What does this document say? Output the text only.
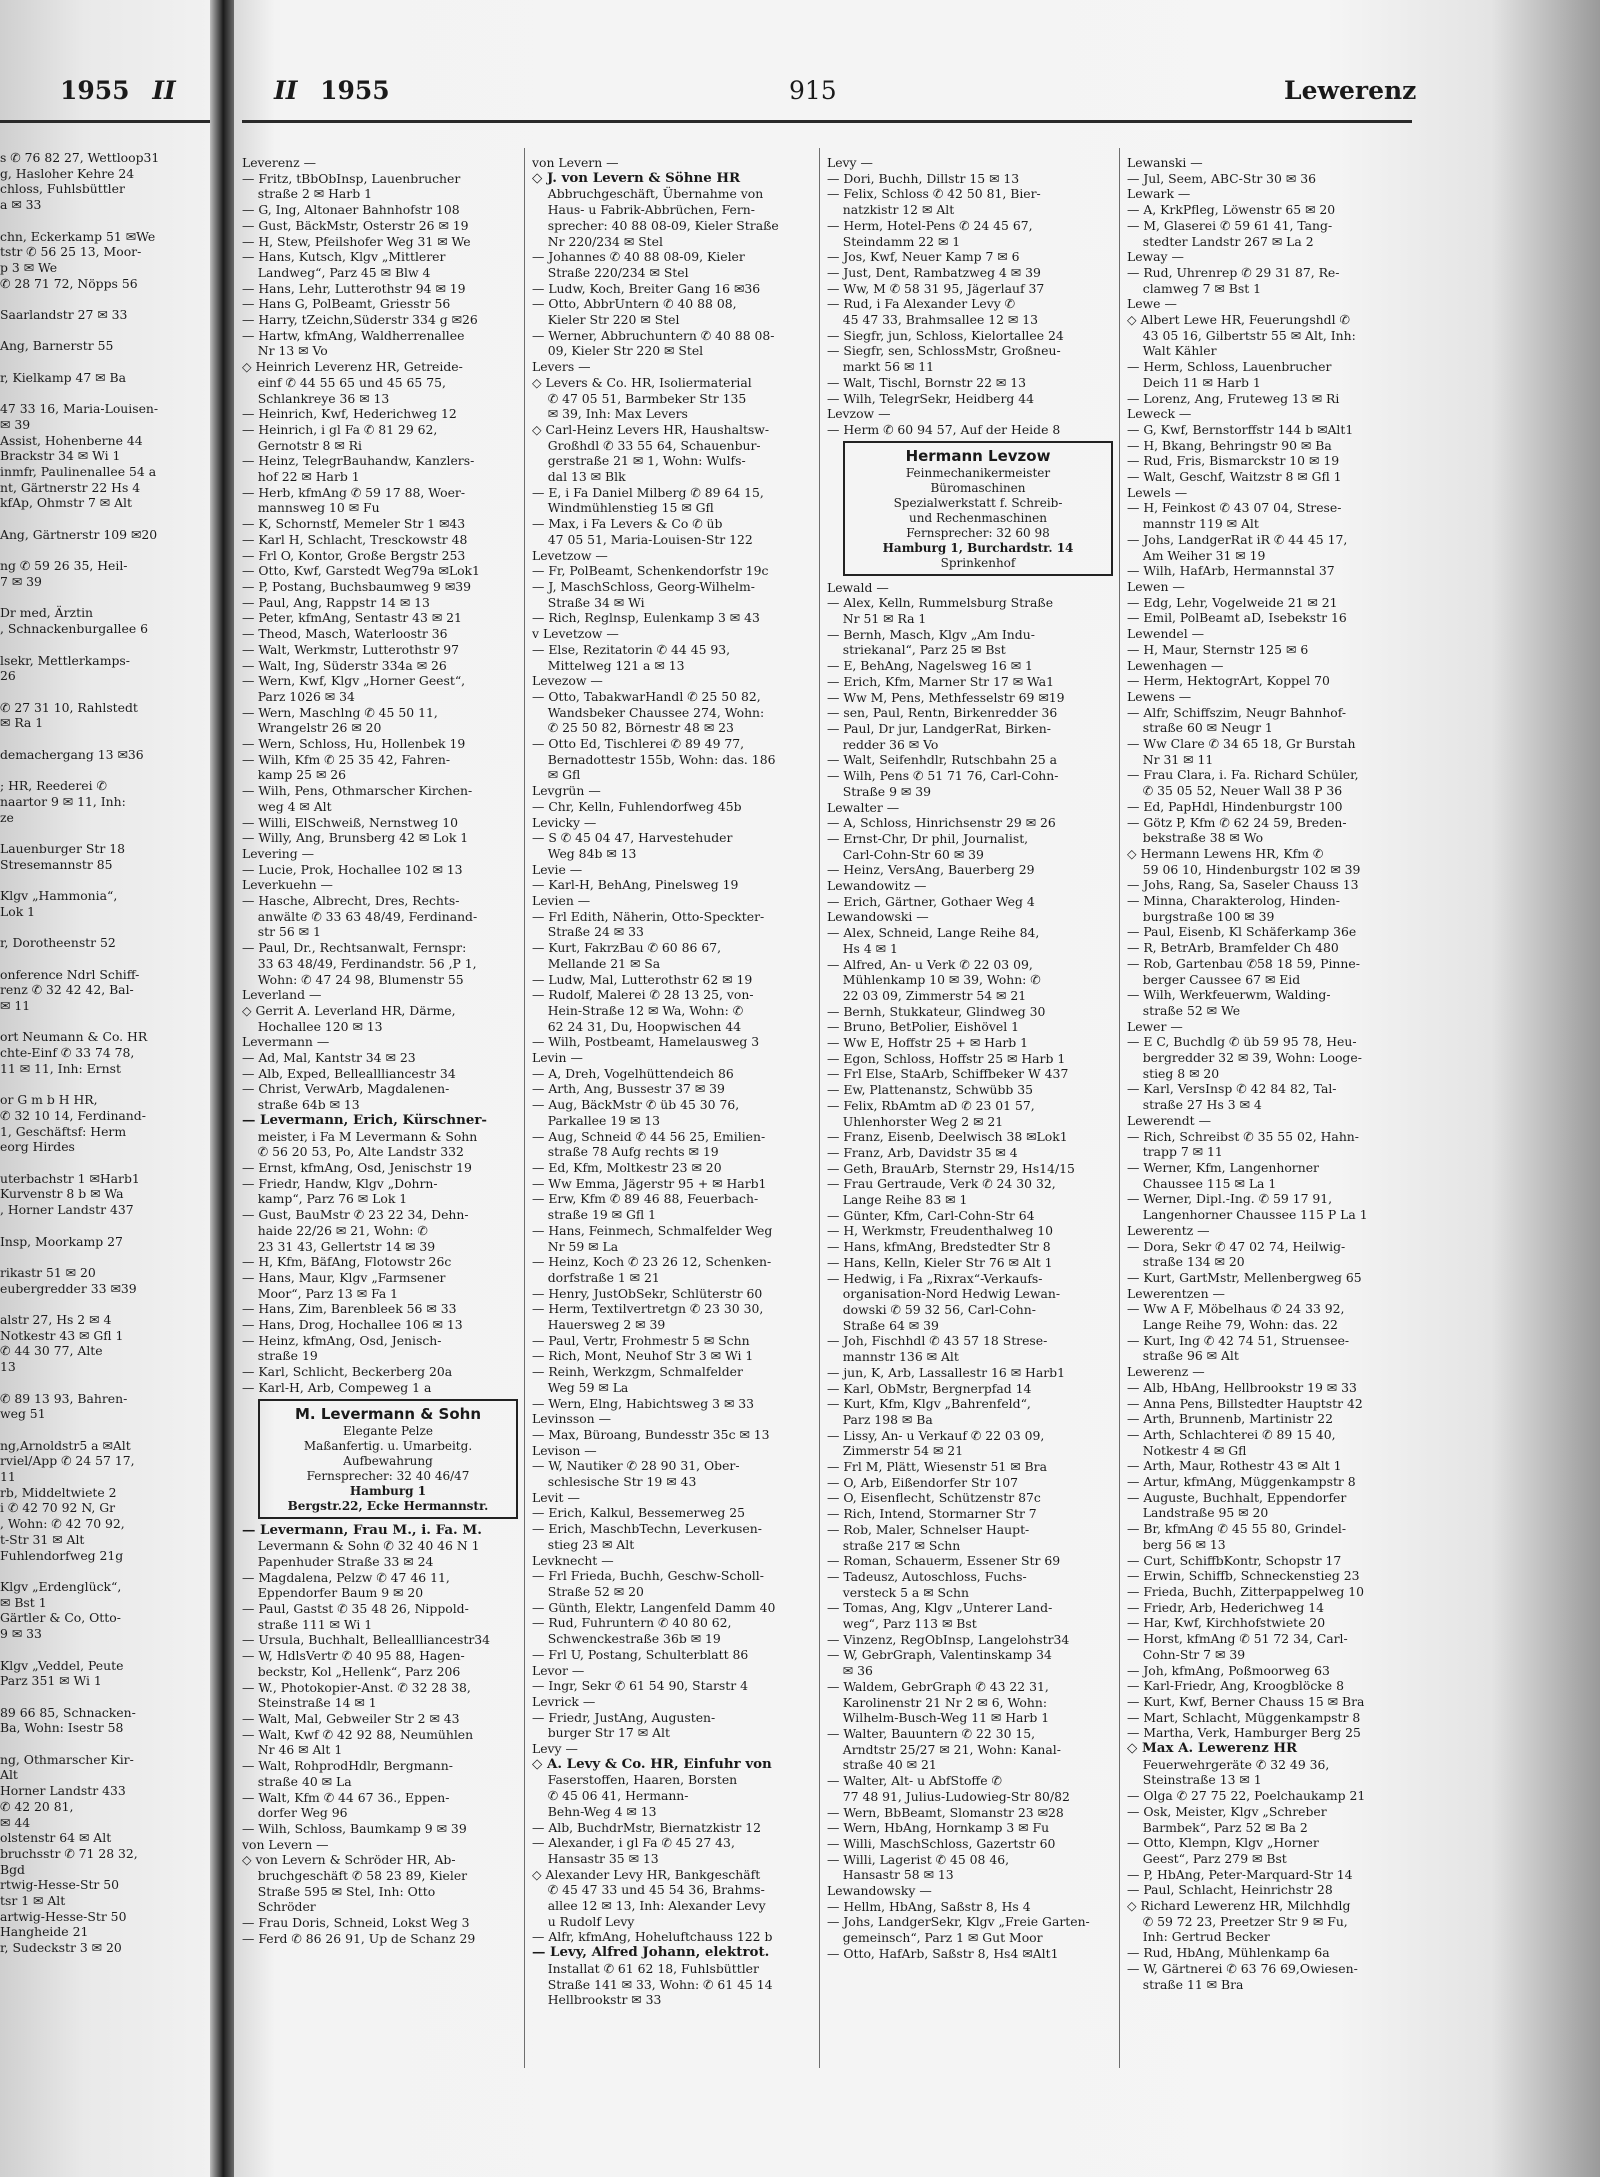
1955 II
s ✆ 76 82 27, Wettloop31
g, Hasloher Kehre 24
chloss, Fuhlsbüttler
a ✉ 33

chn, Eckerkamp 51 ✉We
tstr ✆ 56 25 13, Moor-
p 3 ✉ We
✆ 28 71 72, Nöpps 56

Saarlandstr 27 ✉ 33

Ang, Barnerstr 55

r, Kielkamp 47 ✉ Ba

47 33 16, Maria-Louisen-
✉ 39
Assist, Hohenberne 44
Brackstr 34 ✉ Wi 1
inmfr, Paulinenallee 54 a
nt, Gärtnerstr 22 Hs 4
kfAp, Ohmstr 7 ✉ Alt

Ang, Gärtnerstr 109 ✉20

ng ✆ 59 26 35, Heil-
7 ✉ 39

Dr med, Ärztin
, Schnackenburgallee 6

lsekr, Mettlerkamps-
26

✆ 27 31 10, Rahlstedt
✉ Ra 1

demachergang 13 ✉36

; HR, Reederei ✆
naartor 9 ✉ 11, Inh:
ze

Lauenburger Str 18
Stresemannstr 85

Klgv „Hammonia“,
Lok 1

r, Dorotheenstr 52

onference Ndrl Schiff-
renz ✆ 32 42 42, Bal-
✉ 11

ort Neumann & Co. HR
chte-Einf ✆ 33 74 78,
11 ✉ 11, Inh: Ernst

or G m b H HR,
✆ 32 10 14, Ferdinand-
1, Geschäftsf: Herm
eorg Hirdes

uterbachstr 1 ✉Harb1
Kurvenstr 8 b ✉ Wa
, Horner Landstr 437

Insp, Moorkamp 27

rikastr 51 ✉ 20
eubergredder 33 ✉39

alstr 27, Hs 2 ✉ 4
Notkestr 43 ✉ Gfl 1
✆ 44 30 77, Alte
13

✆ 89 13 93, Bahren-
weg 51

ng,Arnoldstr5 a ✉Alt
rviel/App ✆ 24 57 17,
11
rb, Middeltwiete 2
i ✆ 42 70 92 N, Gr
, Wohn: ✆ 42 70 92,
t-Str 31 ✉ Alt
Fuhlendorfweg 21g

Klgv „Erdenglück“,
✉ Bst 1
Gärtler & Co, Otto-
9 ✉ 33

Klgv „Veddel, Peute
Parz 351 ✉ Wi 1

89 66 85, Schnacken-
Ba, Wohn: Isestr 58

ng, Othmarscher Kir-
Alt
Horner Landstr 433
✆ 42 20 81,
✉ 44
olstenstr 64 ✉ Alt
bruchsstr ✆ 71 28 32,
Bgd
rtwig-Hesse-Str 50
tsr 1 ✉ Alt
artwig-Hesse-Str 50
Hangheide 21
r, Sudeckstr 3 ✉ 20
II 1955	915	Lewerenz
Leverenz —
— Fritz, tBbObInsp, Lauenbrucher
straße 2 ✉ Harb 1
— G, Ing, Altonaer Bahnhofstr 108
— Gust, BäckMstr, Osterstr 26 ✉ 19
— H, Stew, Pfeilshofer Weg 31 ✉ We
— Hans, Kutsch, Klgv „Mittlerer
Landweg“, Parz 45 ✉ Blw 4
— Hans, Lehr, Lutterothstr 94 ✉ 19
— Hans G, PolBeamt, Griesstr 56
— Harry, tZeichn,Süderstr 334 g ✉26
— Hartw, kfmAng, Waldherrenallee
Nr 13 ✉ Vo
◇ Heinrich Leverenz HR, Getreide-
einf ✆ 44 55 65 und 45 65 75,
Schlankreye 36 ✉ 13
— Heinrich, Kwf, Hederichweg 12
— Heinrich, i gl Fa ✆ 81 29 62,
Gernotstr 8 ✉ Ri
— Heinz, TelegrBauhandw, Kanzlers-
hof 22 ✉ Harb 1
— Herb, kfmAng ✆ 59 17 88, Woer-
mannsweg 10 ✉ Fu
— K, Schornstf, Memeler Str 1 ✉43
— Karl H, Schlacht, Tresckowstr 48
— Frl O, Kontor, Große Bergstr 253
— Otto, Kwf, Garstedt Weg79a ✉Lok1
— P, Postang, Buchsbaumweg 9 ✉39
— Paul, Ang, Rappstr 14 ✉ 13
— Peter, kfmAng, Sentastr 43 ✉ 21
— Theod, Masch, Waterloostr 36
— Walt, Werkmstr, Lutterothstr 97
— Walt, Ing, Süderstr 334a ✉ 26
— Wern, Kwf, Klgv „Horner Geest“,
Parz 1026 ✉ 34
— Wern, Maschlng ✆ 45 50 11,
Wrangelstr 26 ✉ 20
— Wern, Schloss, Hu, Hollenbek 19
— Wilh, Kfm ✆ 25 35 42, Fahren-
kamp 25 ✉ 26
— Wilh, Pens, Othmarscher Kirchen-
weg 4 ✉ Alt
— Willi, ElSchweiß, Nernstweg 10
— Willy, Ang, Brunsberg 42 ✉ Lok 1
Levering —
— Lucie, Prok, Hochallee 102 ✉ 13
Leverkuehn —
— Hasche, Albrecht, Dres, Rechts-
anwälte ✆ 33 63 48/49, Ferdinand-
str 56 ✉ 1
— Paul, Dr., Rechtsanwalt, Fernspr:
33 63 48/49, Ferdinandstr. 56 ,P 1,
Wohn: ✆ 47 24 98, Blumenstr 55
Leverland —
◇ Gerrit A. Leverland HR, Därme,
Hochallee 120 ✉ 13
Levermann —
— Ad, Mal, Kantstr 34 ✉ 23
— Alb, Exped, Belleallliancestr 34
— Christ, VerwArb, Magdalenen-
straße 64b ✉ 13
— Levermann, Erich, Kürschner-
meister, i Fa M Levermann & Sohn
✆ 56 20 53, Po, Alte Landstr 332
— Ernst, kfmAng, Osd, Jenischstr 19
— Friedr, Handw, Klgv „Dohrn-
kamp“, Parz 76 ✉ Lok 1
— Gust, BauMstr ✆ 23 22 34, Dehn-
haide 22/26 ✉ 21, Wohn: ✆
23 31 43, Gellertstr 14 ✉ 39
— H, Kfm, BäfAng, Flotowstr 26c
— Hans, Maur, Klgv „Farmsener
Moor“, Parz 13 ✉ Fa 1
— Hans, Zim, Barenbleek 56 ✉ 33
— Hans, Drog, Hochallee 106 ✉ 13
— Heinz, kfmAng, Osd, Jenisch-
straße 19
— Karl, Schlicht, Beckerberg 20a
— Karl-H, Arb, Compeweg 1 a
M. Levermann & Sohn
Elegante Pelze
Maßanfertig. u. Umarbeitg.
Aufbewahrung
Fernsprecher: 32 40 46/47
Hamburg 1
Bergstr.22, Ecke Hermannstr.
— Levermann, Frau M., i. Fa. M.
Levermann & Sohn ✆ 32 40 46 N 1
Papenhuder Straße 33 ✉ 24
— Magdalena, Pelzw ✆ 47 46 11,
Eppendorfer Baum 9 ✉ 20
— Paul, Gastst ✆ 35 48 26, Nippold-
straße 111 ✉ Wi 1
— Ursula, Buchhalt, Belleallliancestr34
— W, HdlsVertr ✆ 40 95 88, Hagen-
beckstr, Kol „Hellenk“, Parz 206
— W., Photokopier-Anst. ✆ 32 28 38,
Steinstraße 14 ✉ 1
— Walt, Mal, Gebweiler Str 2 ✉ 43
— Walt, Kwf ✆ 42 92 88, Neumühlen
Nr 46 ✉ Alt 1
— Walt, RohprodHdlr, Bergmann-
straße 40 ✉ La
— Walt, Kfm ✆ 44 67 36., Eppen-
dorfer Weg 96
— Wilh, Schloss, Baumkamp 9 ✉ 39
von Levern —
◇ von Levern & Schröder HR, Ab-
bruchgeschäft ✆ 58 23 89, Kieler
Straße 595 ✉ Stel, Inh: Otto
Schröder
— Frau Doris, Schneid, Lokst Weg 3
— Ferd ✆ 86 26 91, Up de Schanz 29
von Levern —
◇ J. von Levern & Söhne HR
Abbruchgeschäft, Übernahme von
Haus- u Fabrik-Abbrüchen, Fern-
sprecher: 40 88 08-09, Kieler Straße
Nr 220/234 ✉ Stel
— Johannes ✆ 40 88 08-09, Kieler
Straße 220/234 ✉ Stel
— Ludw, Koch, Breiter Gang 16 ✉36
— Otto, AbbrUntern ✆ 40 88 08,
Kieler Str 220 ✉ Stel
— Werner, Abbruchuntern ✆ 40 88 08-
09, Kieler Str 220 ✉ Stel
Levers —
◇ Levers & Co. HR, Isoliermaterial
✆ 47 05 51, Barmbeker Str 135
✉ 39, Inh: Max Levers
◇ Carl-Heinz Levers HR, Haushaltsw-
Großhdl ✆ 33 55 64, Schauenbur-
gerstraße 21 ✉ 1, Wohn: Wulfs-
dal 13 ✉ Blk
— E, i Fa Daniel Milberg ✆ 89 64 15,
Windmühlenstieg 15 ✉ Gfl
— Max, i Fa Levers & Co ✆ üb
47 05 51, Maria-Louisen-Str 122
Levetzow —
— Fr, PolBeamt, Schenkendorfstr 19c
— J, MaschSchloss, Georg-Wilhelm-
Straße 34 ✉ Wi
— Rich, Reglnsp, Eulenkamp 3 ✉ 43
v Levetzow —
— Else, Rezitatorin ✆ 44 45 93,
Mittelweg 121 a ✉ 13
Levezow —
— Otto, TabakwarHandl ✆ 25 50 82,
Wandsbeker Chaussee 274, Wohn:
✆ 25 50 82, Börnestr 48 ✉ 23
— Otto Ed, Tischlerei ✆ 89 49 77,
Bernadottestr 155b, Wohn: das. 186
✉ Gfl
Levgrün —
— Chr, Kelln, Fuhlendorfweg 45b
Levicky —
— S ✆ 45 04 47, Harvestehuder
Weg 84b ✉ 13
Levie —
— Karl-H, BehAng, Pinelsweg 19
Levien —
— Frl Edith, Näherin, Otto-Speckter-
Straße 24 ✉ 33
— Kurt, FakrzBau ✆ 60 86 67,
Mellande 21 ✉ Sa
— Ludw, Mal, Lutterothstr 62 ✉ 19
— Rudolf, Malerei ✆ 28 13 25, von-
Hein-Straße 12 ✉ Wa, Wohn: ✆
62 24 31, Du, Hoopwischen 44
— Wilh, Postbeamt, Hamelausweg 3
Levin —
— A, Dreh, Vogelhüttendeich 86
— Arth, Ang, Bussestr 37 ✉ 39
— Aug, BäckMstr ✆ üb 45 30 76,
Parkallee 19 ✉ 13
— Aug, Schneid ✆ 44 56 25, Emilien-
straße 78 Aufg rechts ✉ 19
— Ed, Kfm, Moltkestr 23 ✉ 20
— Ww Emma, Jägerstr 95 + ✉ Harb1
— Erw, Kfm ✆ 89 46 88, Feuerbach-
straße 19 ✉ Gfl 1
— Hans, Feinmech, Schmalfelder Weg
Nr 59 ✉ La
— Heinz, Koch ✆ 23 26 12, Schenken-
dorfstraße 1 ✉ 21
— Henry, JustObSekr, Schlüterstr 60
— Herm, Textilvertretgn ✆ 23 30 30,
Hauersweg 2 ✉ 39
— Paul, Vertr, Frohmestr 5 ✉ Schn
— Rich, Mont, Neuhof Str 3 ✉ Wi 1
— Reinh, Werkzgm, Schmalfelder
Weg 59 ✉ La
— Wern, Elng, Habichtsweg 3 ✉ 33
Levinsson —
— Max, Büroang, Bundesstr 35c ✉ 13
Levison —
— W, Nautiker ✆ 28 90 31, Ober-
schlesische Str 19 ✉ 43
Levit —
— Erich, Kalkul, Bessemerweg 25
— Erich, MaschbTechn, Leverkusen-
stieg 23 ✉ Alt
Levknecht —
— Frl Frieda, Buchh, Geschw-Scholl-
Straße 52 ✉ 20
— Günth, Elektr, Langenfeld Damm 40
— Rud, Fuhruntern ✆ 40 80 62,
Schwenckestraße 36b ✉ 19
— Frl U, Postang, Schulterblatt 86
Levor —
— Ingr, Sekr ✆ 61 54 90, Starstr 4
Levrick —
— Friedr, JustAng, Augusten-
burger Str 17 ✉ Alt
Levy —
◇ A. Levy & Co. HR, Einfuhr von
Faserstoffen, Haaren, Borsten
✆ 45 06 41, Hermann-
Behn-Weg 4 ✉ 13
— Alb, BuchdrMstr, Biernatzkistr 12
— Alexander, i gl Fa ✆ 45 27 43,
Hansastr 35 ✉ 13
◇ Alexander Levy HR, Bankgeschäft
✆ 45 47 33 und 45 54 36, Brahms-
allee 12 ✉ 13, Inh: Alexander Levy
u Rudolf Levy
— Alfr, kfmAng, Hoheluftchauss 122 b
— Levy, Alfred Johann, elektrot.
Installat ✆ 61 62 18, Fuhlsbüttler
Straße 141 ✉ 33, Wohn: ✆ 61 45 14
Hellbrookstr ✉ 33
Levy —
— Dori, Buchh, Dillstr 15 ✉ 13
— Felix, Schloss ✆ 42 50 81, Bier-
natzkistr 12 ✉ Alt
— Herm, Hotel-Pens ✆ 24 45 67,
Steindamm 22 ✉ 1
— Jos, Kwf, Neuer Kamp 7 ✉ 6
— Just, Dent, Rambatzweg 4 ✉ 39
— Ww, M ✆ 58 31 95, Jägerlauf 37
— Rud, i Fa Alexander Levy ✆
45 47 33, Brahmsallee 12 ✉ 13
— Siegfr, jun, Schloss, Kielortallee 24
— Siegfr, sen, SchlossMstr, Großneu-
markt 56 ✉ 11
— Walt, Tischl, Bornstr 22 ✉ 13
— Wilh, TelegrSekr, Heidberg 44
Levzow —
— Herm ✆ 60 94 57, Auf der Heide 8
Hermann Levzow
Feinmechanikermeister
Büromaschinen
Spezialwerkstatt f. Schreib-
und Rechenmaschinen
Fernsprecher: 32 60 98
Hamburg 1, Burchardstr. 14
Sprinkenhof
Lewald —
— Alex, Kelln, Rummelsburg Straße
Nr 51 ✉ Ra 1
— Bernh, Masch, Klgv „Am Indu-
striekanal“, Parz 25 ✉ Bst
— E, BehAng, Nagelsweg 16 ✉ 1
— Erich, Kfm, Marner Str 17 ✉ Wa1
— Ww M, Pens, Methfesselstr 69 ✉19
— sen, Paul, Rentn, Birkenredder 36
— Paul, Dr jur, LandgerRat, Birken-
redder 36 ✉ Vo
— Walt, Seifenhdlr, Rutschbahn 25 a
— Wilh, Pens ✆ 51 71 76, Carl-Cohn-
Straße 9 ✉ 39
Lewalter —
— A, Schloss, Hinrichsenstr 29 ✉ 26
— Ernst-Chr, Dr phil, Journalist,
Carl-Cohn-Str 60 ✉ 39
— Heinz, VersAng, Bauerberg 29
Lewandowitz —
— Erich, Gärtner, Gothaer Weg 4
Lewandowski —
— Alex, Schneid, Lange Reihe 84,
Hs 4 ✉ 1
— Alfred, An- u Verk ✆ 22 03 09,
Mühlenkamp 10 ✉ 39, Wohn: ✆
22 03 09, Zimmerstr 54 ✉ 21
— Bernh, Stukkateur, Glindweg 30
— Bruno, BetPolier, Eishövel 1
— Ww E, Hoffstr 25 + ✉ Harb 1
— Egon, Schloss, Hoffstr 25 ✉ Harb 1
— Frl Else, StaArb, Schiffbeker W 437
— Ew, Plattenanstz, Schwübb 35
— Felix, RbAmtm aD ✆ 23 01 57,
Uhlenhorster Weg 2 ✉ 21
— Franz, Eisenb, Deelwisch 38 ✉Lok1
— Franz, Arb, Davidstr 35 ✉ 4
— Geth, BrauArb, Sternstr 29, Hs14/15
— Frau Gertraude, Verk ✆ 24 30 32,
Lange Reihe 83 ✉ 1
— Günter, Kfm, Carl-Cohn-Str 64
— H, Werkmstr, Freudenthalweg 10
— Hans, kfmAng, Bredstedter Str 8
— Hans, Kelln, Kieler Str 76 ✉ Alt 1
— Hedwig, i Fa „Rixrax“-Verkaufs-
organisation-Nord Hedwig Lewan-
dowski ✆ 59 32 56, Carl-Cohn-
Straße 64 ✉ 39
— Joh, Fischhdl ✆ 43 57 18 Strese-
mannstr 136 ✉ Alt
— jun, K, Arb, Lassallestr 16 ✉ Harb1
— Karl, ObMstr, Bergnerpfad 14
— Kurt, Kfm, Klgv „Bahrenfeld“,
Parz 198 ✉ Ba
— Lissy, An- u Verkauf ✆ 22 03 09,
Zimmerstr 54 ✉ 21
— Frl M, Plätt, Wiesenstr 51 ✉ Bra
— O, Arb, Eißendorfer Str 107
— O, Eisenflecht, Schützenstr 87c
— Rich, Intend, Stormarner Str 7
— Rob, Maler, Schnelser Haupt-
straße 217 ✉ Schn
— Roman, Schauerm, Essener Str 69
— Tadeusz, Autoschloss, Fuchs-
versteck 5 a ✉ Schn
— Tomas, Ang, Klgv „Unterer Land-
weg“, Parz 113 ✉ Bst
— Vinzenz, RegObInsp, Langelohstr34
— W, GebrGraph, Valentinskamp 34
✉ 36
— Waldem, GebrGraph ✆ 43 22 31,
Karolinenstr 21 Nr 2 ✉ 6, Wohn:
Wilhelm-Busch-Weg 11 ✉ Harb 1
— Walter, Bauuntern ✆ 22 30 15,
Arndtstr 25/27 ✉ 21, Wohn: Kanal-
straße 40 ✉ 21
— Walter, Alt- u AbfStoffe ✆
77 48 91, Julius-Ludowieg-Str 80/82
— Wern, BbBeamt, Slomanstr 23 ✉28
— Wern, HbAng, Hornkamp 3 ✉ Fu
— Willi, MaschSchloss, Gazertstr 60
— Willi, Lagerist ✆ 45 08 46,
Hansastr 58 ✉ 13
Lewandowsky —
— Hellm, HbAng, Saßstr 8, Hs 4
— Johs, LandgerSekr, Klgv „Freie Garten-
gemeinsch“, Parz 1 ✉ Gut Moor
— Otto, HafArb, Saßstr 8, Hs4 ✉Alt1
Lewanski —
— Jul, Seem, ABC-Str 30 ✉ 36
Lewark —
— A, KrkPfleg, Löwenstr 65 ✉ 20
— M, Glaserei ✆ 59 61 41, Tang-
stedter Landstr 267 ✉ La 2
Leway —
— Rud, Uhrenrep ✆ 29 31 87, Re-
clamweg 7 ✉ Bst 1
Lewe —
◇ Albert Lewe HR, Feuerungshdl ✆
43 05 16, Gilbertstr 55 ✉ Alt, Inh:
Walt Kähler
— Herm, Schloss, Lauenbrucher
Deich 11 ✉ Harb 1
— Lorenz, Ang, Fruteweg 13 ✉ Ri
Leweck —
— G, Kwf, Bernstorffstr 144 b ✉Alt1
— H, Bkang, Behringstr 90 ✉ Ba
— Rud, Fris, Bismarckstr 10 ✉ 19
— Walt, Geschf, Waitzstr 8 ✉ Gfl 1
Lewels —
— H, Feinkost ✆ 43 07 04, Strese-
mannstr 119 ✉ Alt
— Johs, LandgerRat iR ✆ 44 45 17,
Am Weiher 31 ✉ 19
— Wilh, HafArb, Hermannstal 37
Lewen —
— Edg, Lehr, Vogelweide 21 ✉ 21
— Emil, PolBeamt aD, Isebekstr 16
Lewendel —
— H, Maur, Sternstr 125 ✉ 6
Lewenhagen —
— Herm, HektogrArt, Koppel 70
Lewens —
— Alfr, Schiffszim, Neugr Bahnhof-
straße 60 ✉ Neugr 1
— Ww Clare ✆ 34 65 18, Gr Burstah
Nr 31 ✉ 11
— Frau Clara, i. Fa. Richard Schüler,
✆ 35 05 52, Neuer Wall 38 P 36
— Ed, PapHdl, Hindenburgstr 100
— Götz P, Kfm ✆ 62 24 59, Breden-
bekstraße 38 ✉ Wo
◇ Hermann Lewens HR, Kfm ✆
59 06 10, Hindenburgstr 102 ✉ 39
— Johs, Rang, Sa, Saseler Chauss 13
— Minna, Charakterolog, Hinden-
burgstraße 100 ✉ 39
— Paul, Eisenb, Kl Schäferkamp 36e
— R, BetrArb, Bramfelder Ch 480
— Rob, Gartenbau ✆58 18 59, Pinne-
berger Caussee 67 ✉ Eid
— Wilh, Werkfeuerwm, Walding-
straße 52 ✉ We
Lewer —
— E C, Buchdlg ✆ üb 59 95 78, Heu-
bergredder 32 ✉ 39, Wohn: Looge-
stieg 8 ✉ 20
— Karl, VersInsp ✆ 42 84 82, Tal-
straße 27 Hs 3 ✉ 4
Lewerendt —
— Rich, Schreibst ✆ 35 55 02, Hahn-
trapp 7 ✉ 11
— Werner, Kfm, Langenhorner
Chaussee 115 ✉ La 1
— Werner, Dipl.-Ing. ✆ 59 17 91,
Langenhorner Chaussee 115 P La 1
Lewerentz —
— Dora, Sekr ✆ 47 02 74, Heilwig-
straße 134 ✉ 20
— Kurt, GartMstr, Mellenbergweg 65
Lewerentzen —
— Ww A F, Möbelhaus ✆ 24 33 92,
Lange Reihe 79, Wohn: das. 22
— Kurt, Ing ✆ 42 74 51, Struensee-
straße 96 ✉ Alt
Lewerenz —
— Alb, HbAng, Hellbrookstr 19 ✉ 33
— Anna Pens, Billstedter Hauptstr 42
— Arth, Brunnenb, Martinistr 22
— Arth, Schlachterei ✆ 89 15 40,
Notkestr 4 ✉ Gfl
— Arth, Maur, Rothestr 43 ✉ Alt 1
— Artur, kfmAng, Müggenkampstr 8
— Auguste, Buchhalt, Eppendorfer
Landstraße 95 ✉ 20
— Br, kfmAng ✆ 45 55 80, Grindel-
berg 56 ✉ 13
— Curt, SchiffbKontr, Schopstr 17
— Erwin, Schiffb, Schneckenstieg 23
— Frieda, Buchh, Zitterpappelweg 10
— Friedr, Arb, Hederichweg 14
— Har, Kwf, Kirchhofstwiete 20
— Horst, kfmAng ✆ 51 72 34, Carl-
Cohn-Str 7 ✉ 39
— Joh, kfmAng, Poßmoorweg 63
— Karl-Friedr, Ang, Kroogblöcke 8
— Kurt, Kwf, Berner Chauss 15 ✉ Bra
— Mart, Schlacht, Müggenkampstr 8
— Martha, Verk, Hamburger Berg 25
◇ Max A. Lewerenz HR
Feuerwehrgeräte ✆ 32 49 36,
Steinstraße 13 ✉ 1
— Olga ✆ 27 75 22, Poelchaukamp 21
— Osk, Meister, Klgv „Schreber
Barmbek“, Parz 52 ✉ Ba 2
— Otto, Klempn, Klgv „Horner
Geest“, Parz 279 ✉ Bst
— P, HbAng, Peter-Marquard-Str 14
— Paul, Schlacht, Heinrichstr 28
◇ Richard Lewerenz HR, Milchhdlg
✆ 59 72 23, Preetzer Str 9 ✉ Fu,
Inh: Gertrud Becker
— Rud, HbAng, Mühlenkamp 6a
— W, Gärtnerei ✆ 63 76 69,Owiesen-
straße 11 ✉ Bra
